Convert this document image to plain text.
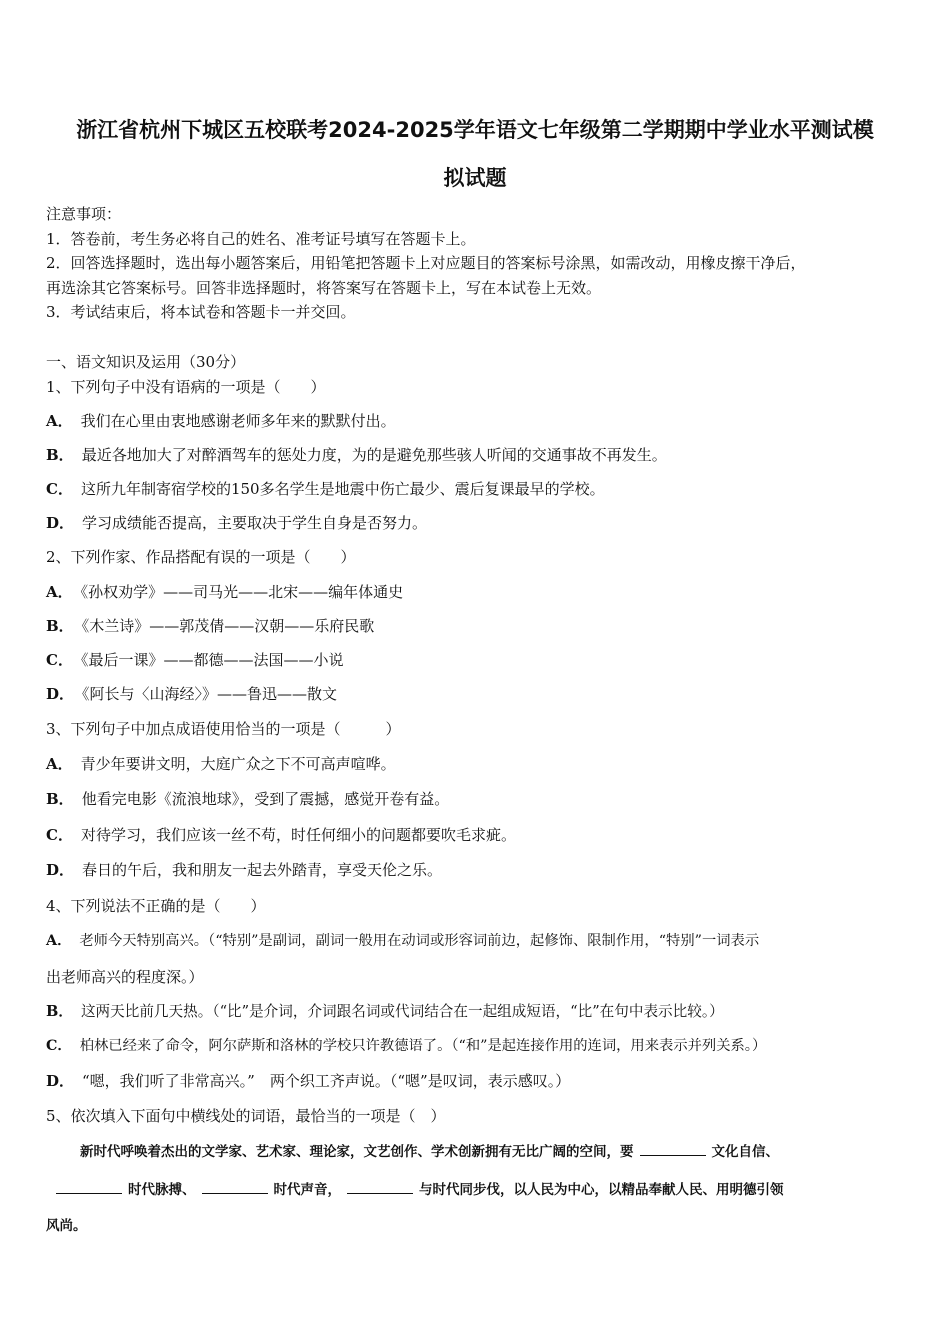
浙江省杭州下城区五校联考2024-2025学年语文七年级第二学期期中学业水平测试模
拟试题
注意事项：
1．答卷前，考生务必将自己的姓名、准考证号填写在答题卡上。
2．回答选择题时，选出每小题答案后，用铅笔把答题卡上对应题目的答案标号涂黑，如需改动，用橡皮擦干净后，
再选涂其它答案标号。回答非选择题时，将答案写在答题卡上，写在本试卷上无效。
3．考试结束后，将本试卷和答题卡一并交回。
一、语文知识及运用（30分）
1、下列句子中没有语病的一项是（　　）
A． 我们在心里由衷地感谢老师多年来的默默付出。
B． 最近各地加大了对醉酒驾车的惩处力度，为的是避免那些骇人听闻的交通事故不再发生。
C． 这所九年制寄宿学校的150多名学生是地震中伤亡最少、震后复课最早的学校。
D． 学习成绩能否提高，主要取决于学生自身是否努力。
2、下列作家、作品搭配有误的一项是（　　）
A． 《孙权劝学》——司马光——北宋——编年体通史
B． 《木兰诗》——郭茂倩——汉朝——乐府民歌
C． 《最后一课》——都德——法国——小说
D． 《阿长与〈山海经〉》——鲁迅——散文
3、下列句子中加点成语使用恰当的一项是（　　　）
A． 青少年要讲文明，大庭广众之下不可高声喧哗。
B． 他看完电影《流浪地球》，受到了震撼，感觉开卷有益。
C． 对待学习，我们应该一丝不苟，时任何细小的问题都要吹毛求疵。
D． 春日的午后，我和朋友一起去外踏青，享受天伦之乐。
4、下列说法不正确的是（　　）
A． 老师今天特别高兴。（“特别”是副词，副词一般用在动词或形容词前边，起修饰、限制作用，“特别”一词表示
出老师高兴的程度深。）
B． 这两天比前几天热。（“比”是介词，介词跟名词或代词结合在一起组成短语，“比”在句中表示比较。）
C． 柏林已经来了命令，阿尔萨斯和洛林的学校只许教德语了。（“和”是起连接作用的连词，用来表示并列关系。）
D． “嗯，我们听了非常高兴。”　两个织工齐声说。（“嗯”是叹词，表示感叹。）
5、依次填入下面句中横线处的词语，最恰当的一项是（　）
新时代呼唤着杰出的文学家、艺术家、理论家，文艺创作、学术创新拥有无比广阔的空间，要	文化自信、
时代脉搏、	时代声音，	与时代同步伐，以人民为中心，以精品奉献人民、用明德引领
风尚。
